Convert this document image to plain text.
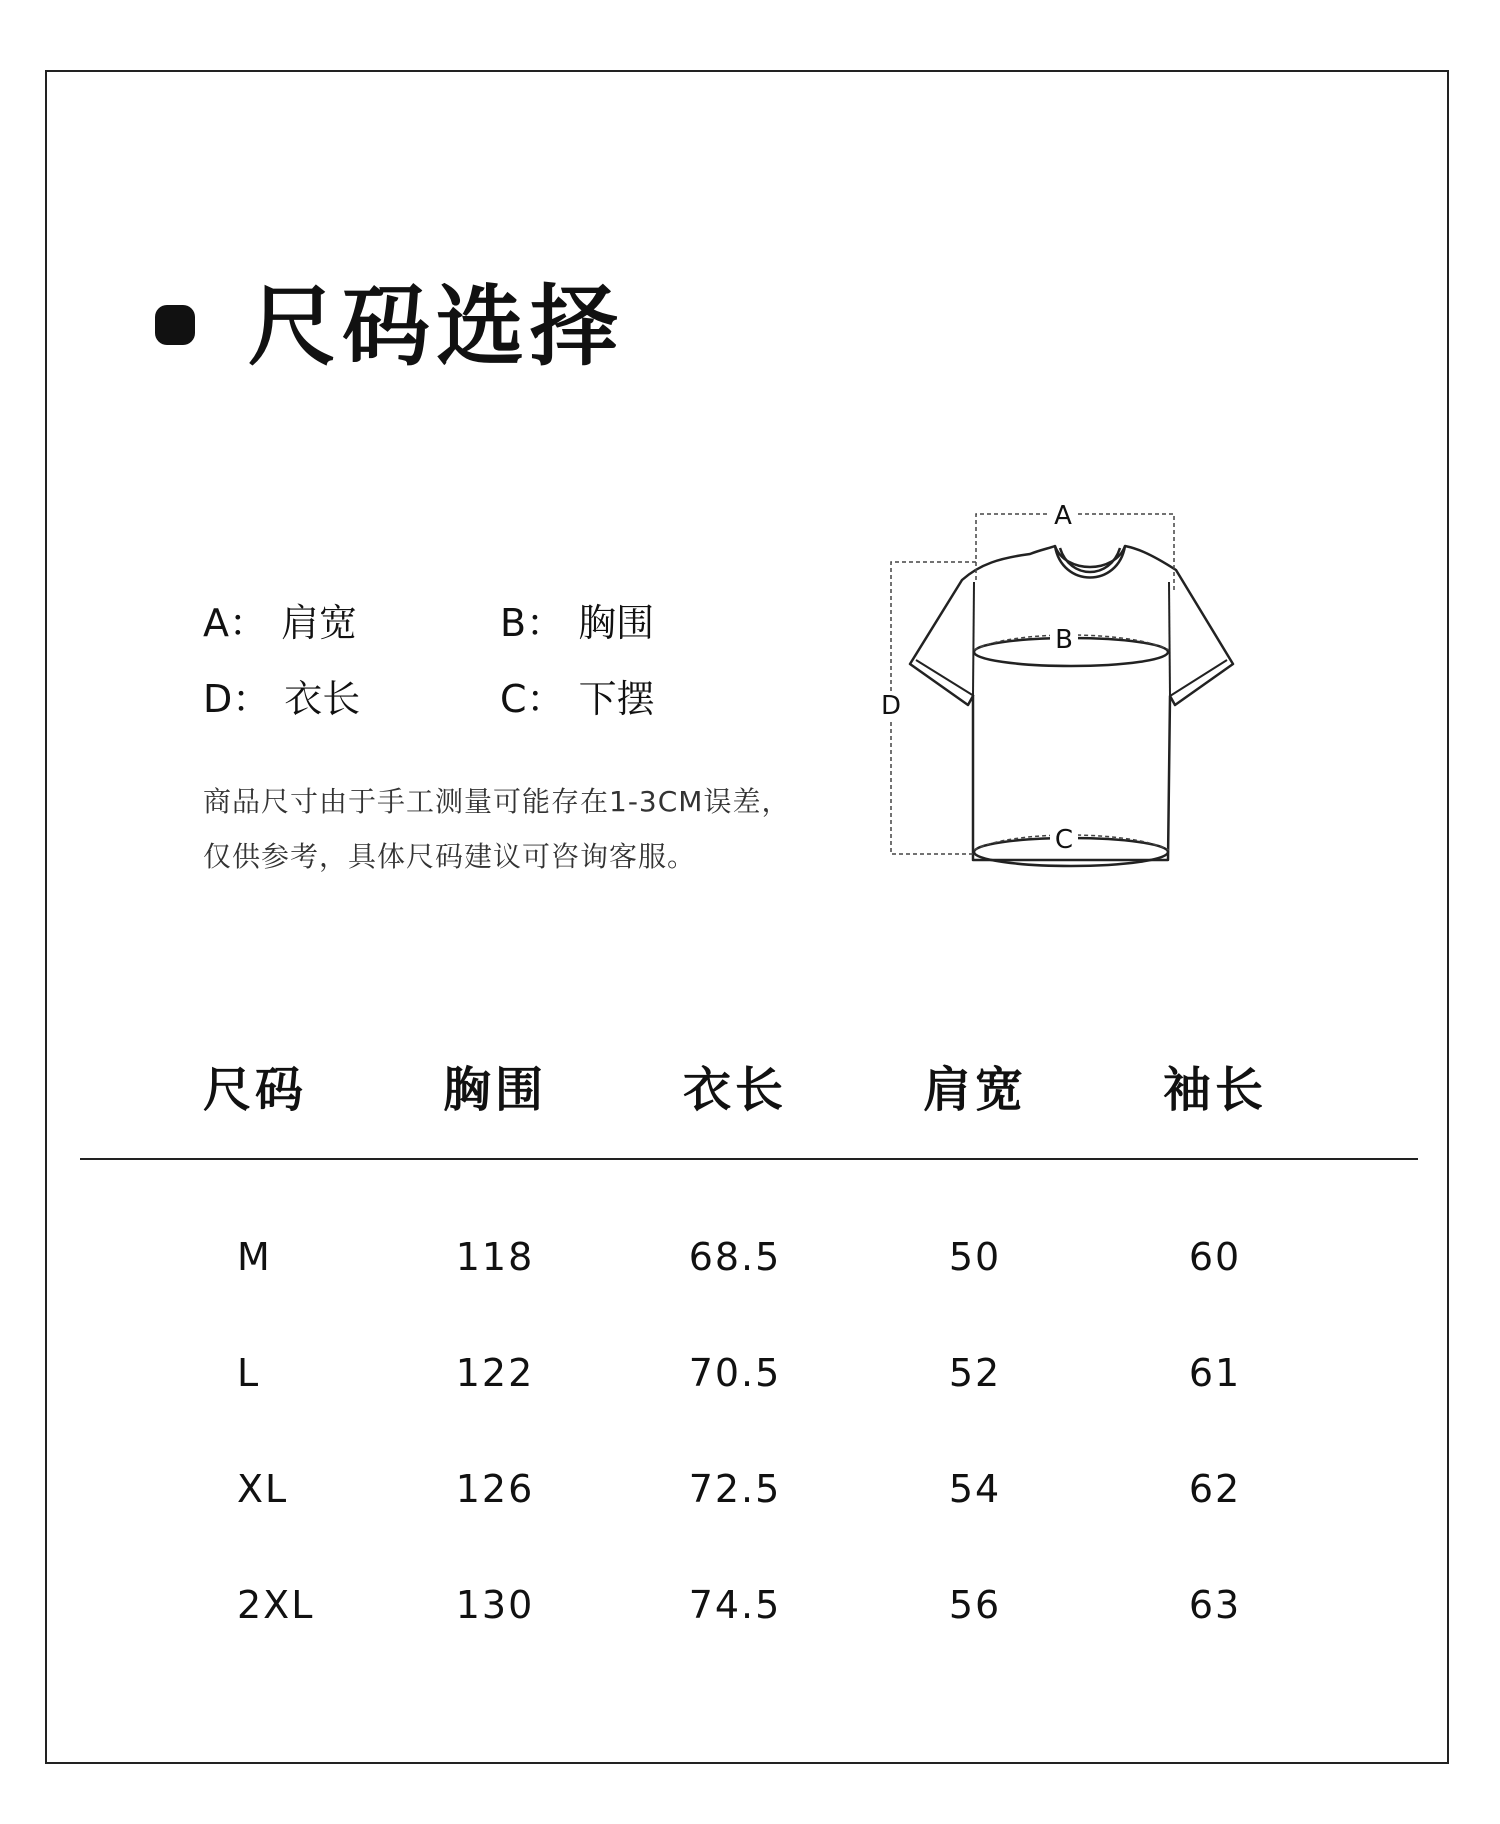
尺码选择
A： 肩宽	B： 胸围
D： 衣长	C： 下摆
商品尺寸由于手工测量可能存在1-3CM误差，
仅供参考，具体尺码建议可咨询客服。
A
B
C
D
尺码	胸围	衣长	肩宽	袖长
M	118	68.5	50	60
L	122	70.5	52	61
XL	126	72.5	54	62
2XL	130	74.5	56	63
